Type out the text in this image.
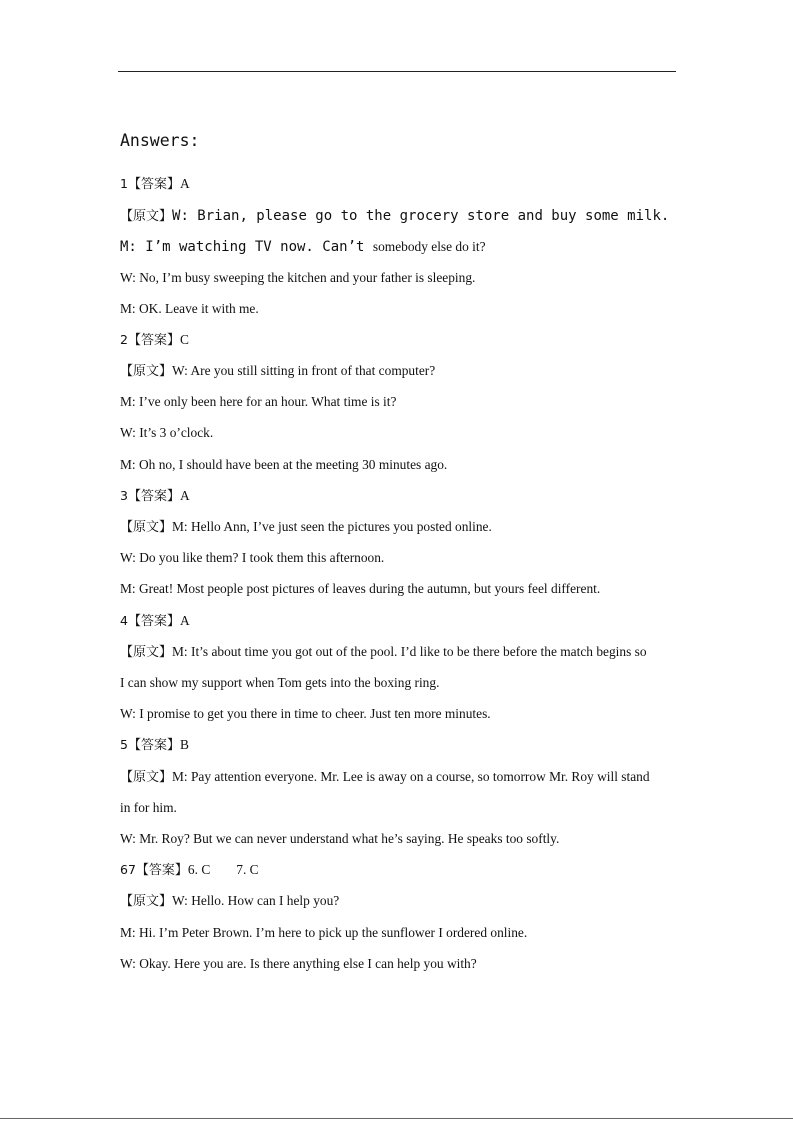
Answers:
1【答案】A
【原文】W: Brian, please go to the grocery store and buy some milk.
M: I’m watching TV now. Can’t somebody else do it?
W: No, I’m busy sweeping the kitchen and your father is sleeping.
M: OK. Leave it with me.
2【答案】C
【原文】W: Are you still sitting in front of that computer?
M: I’ve only been here for an hour. What time is it?
W: It’s 3 o’clock.
M: Oh no, I should have been at the meeting 30 minutes ago.
3【答案】A
【原文】M: Hello Ann, I’ve just seen the pictures you posted online.
W: Do you like them? I took them this afternoon.
M: Great! Most people post pictures of leaves during the autumn, but yours feel different.
4【答案】A
【原文】M: It’s about time you got out of the pool. I’d like to be there before the match begins so
I can show my support when Tom gets into the boxing ring.
W: I promise to get you there in time to cheer. Just ten more minutes.
5【答案】B
【原文】M: Pay attention everyone. Mr. Lee is away on a course, so tomorrow Mr. Roy will stand
in for him.
W: Mr. Roy? But we can never understand what he’s saying. He speaks too softly.
67【答案】6. C 7. C
【原文】W: Hello. How can I help you?
M: Hi. I’m Peter Brown. I’m here to pick up the sunflower I ordered online.
W: Okay. Here you are. Is there anything else I can help you with?
